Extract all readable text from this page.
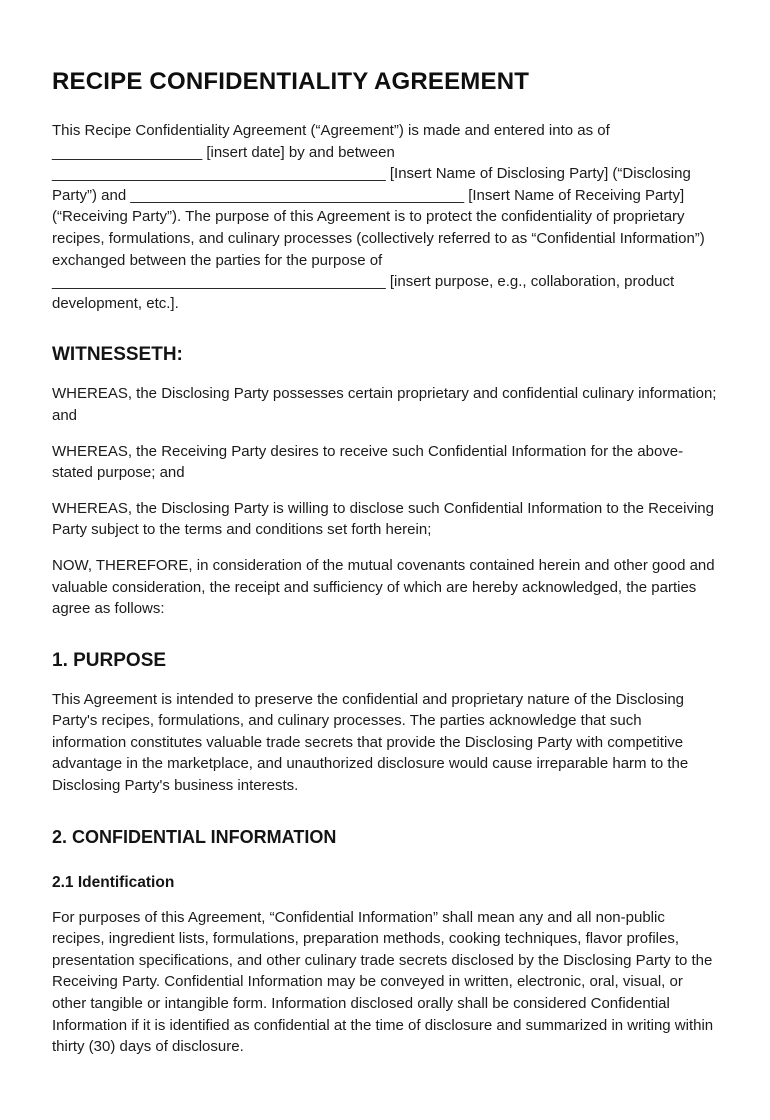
RECIPE CONFIDENTIALITY AGREEMENT

This Recipe Confidentiality Agreement (“Agreement”) is made and entered into as of __________________ [insert date] by and between ________________________________________ [Insert Name of Disclosing Party] (“Disclosing Party”) and ________________________________________ [Insert Name of Receiving Party] (“Receiving Party”). The purpose of this Agreement is to protect the confidentiality of proprietary recipes, formulations, and culinary processes (collectively referred to as “Confidential Information”) exchanged between the parties for the purpose of ________________________________________ [insert purpose, e.g., collaboration, product development, etc.].

WITNESSETH:

WHEREAS, the Disclosing Party possesses certain proprietary and confidential culinary information; and

WHEREAS, the Receiving Party desires to receive such Confidential Information for the above-stated purpose; and

WHEREAS, the Disclosing Party is willing to disclose such Confidential Information to the Receiving Party subject to the terms and conditions set forth herein;

NOW, THEREFORE, in consideration of the mutual covenants contained herein and other good and valuable consideration, the receipt and sufficiency of which are hereby acknowledged, the parties agree as follows:

1. PURPOSE

This Agreement is intended to preserve the confidential and proprietary nature of the Disclosing Party's recipes, formulations, and culinary processes. The parties acknowledge that such information constitutes valuable trade secrets that provide the Disclosing Party with competitive advantage in the marketplace, and unauthorized disclosure would cause irreparable harm to the Disclosing Party's business interests.

2. CONFIDENTIAL INFORMATION
2.1 Identification

For purposes of this Agreement, “Confidential Information” shall mean any and all non-public recipes, ingredient lists, formulations, preparation methods, cooking techniques, flavor profiles, presentation specifications, and other culinary trade secrets disclosed by the Disclosing Party to the Receiving Party. Confidential Information may be conveyed in written, electronic, oral, visual, or other tangible or intangible form. Information disclosed orally shall be considered Confidential Information if it is identified as confidential at the time of disclosure and summarized in writing within thirty (30) days of disclosure.
